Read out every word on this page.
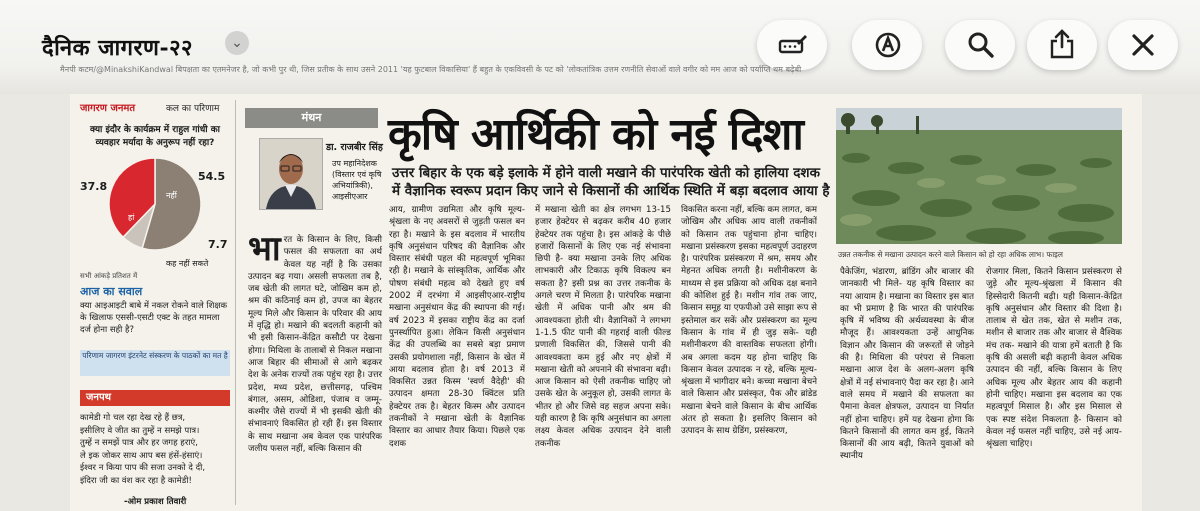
दैनिक जागरण-२२	⌄
मैनपी कटम/@MinakshiKandwal बिपक्षता का एतमनेजर है, जो कभी पुर थी, जिस प्रतीक के साथ उसने 2011 'यह फुटबाल विकासिया' हैं बहुत के एकविवसी के पट को 'लोकतांत्रिक उत्तम रणनीति सेवाओं वाले वगीर को मम आज को पर्याप्ति थम बढ़ेबी
जागरण जनमत	कल का परिणाम
क्या इंदौर के कार्यक्रम में राहुल गांधी का व्यवहार मर्यादा के अनुरूप नहीं रहा?
37.8
54.5
7.7
हां
नहीं
कह नहीं सकते
सभी आंकड़े प्रतिशत में
आज का सवाल
क्या आइआइटी बाबे में नकल रोकने वाले शिक्षक के खिलाफ एससी-एसटी एक्ट के तहत मामला दर्ज होना सही है?
परिणाम जागरण इंटरनेट संस्करण के पाठकों का मत है
जनपथ
कामेडी गो चल रहा देख रहे हैं छत्र,
इसीलिए वे जीत का तुम्हें न समझे पात्र।
तुम्हें न समझें पात्र और हर जगह हराएं,
ले इक जोकर साथ आप बस हंसें-हंसाएं।
ईश्वर न किया पाप की सजा उनको दे दी,
इंदिरा जी का वंश कर रहा है कामेडी!
-ओम प्रकाश तिवारी
मंथन
डा. राजबीर सिंह
उप महानिदेशक (विस्तार एवं कृषि अभियांत्रिकी), आइसीएआर
कृषि आर्थिकी को नई दिशा
उत्तर बिहार के एक बड़े इलाके में होने वाली मखाने की पारंपरिक खेती को हालिया दशक में वैज्ञानिक स्वरूप प्रदान किए जाने से किसानों की आर्थिक स्थिति में बड़ा बदलाव आया है
उन्नत तकनीक से मखाना उत्पादन करने वाले किसान को हो रहा अधिक लाभ। फाइल
भारत के किसान के लिए, किसी फसल की सफलता का अर्थ केवल यह नहीं है कि उसका उत्पादन बढ़ गया। असली सफलता तब है, जब खेती की लागत घटे, जोखिम कम हो, श्रम की कठिनाई कम हो, उपज का बेहतर मूल्य मिले और किसान के परिवार की आय में वृद्धि हो। मखाने की बदलती कहानी को भी इसी किसान-केंद्रित कसौटी पर देखना होगा। मिथिला के तालाबों से निकल मखाना आज बिहार की सीमाओं से आगे बढ़कर देश के अनेक राज्यों तक पहुंच रहा है। उत्तर प्रदेश, मध्य प्रदेश, छत्तीसगढ़, पश्चिम बंगाल, असम, ओडिशा, पंजाब व जम्मू-कश्मीर जैसे राज्यों में भी इसकी खेती की संभावनाएं विकसित हो रही हैं। इस विस्तार के साथ मखाना अब केवल एक पारंपरिक जलीय फसल नहीं, बल्कि किसान की
आय, ग्रामीण उद्यमिता और कृषि मूल्य-श्रृंखला के नए अवसरों से जुड़ती फसल बन रहा है। मखाने के इस बदलाव में भारतीय कृषि अनुसंधान परिषद की वैज्ञानिक और विस्तार संबंधी पहल की महत्वपूर्ण भूमिका रही है। मखाने के सांस्कृतिक, आर्थिक और पोषण संबंधी महत्व को देखते हुए वर्ष 2002 में दरभंगा में आइसीएआर-राष्ट्रीय मखाना अनुसंधान केंद्र की स्थापना की गई। वर्ष 2023 में इसका राष्ट्रीय केंद्र का दर्जा पुनर्स्थापित हुआ। लेकिन किसी अनुसंधान केंद्र की उपलब्धि का सबसे बड़ा प्रमाण उसकी प्रयोगशाला नहीं, किसान के खेत में आया बदलाव होता है। वर्ष 2013 में विकसित उन्नत किस्म 'स्वर्ण वैदेही' की उत्पादन क्षमता 28-30 क्विंटल प्रति हेक्टेयर तक है। बेहतर किस्म और उत्पादन तकनीकों ने मखाना खेती के वैज्ञानिक विस्तार का आधार तैयार किया। पिछले एक दशक
में मखाना खेती का क्षेत्र लगभग 13-15 हजार हेक्टेयर से बढ़कर करीब 40 हजार हेक्टेयर तक पहुंचा है। इस आंकड़े के पीछे हजारों किसानों के लिए एक नई संभावना छिपी है- क्या मखाना उनके लिए अधिक लाभकारी और टिकाऊ कृषि विकल्प बन सकता है? इसी प्रश्न का उत्तर तकनीक के अगले चरण में मिलता है। पारंपरिक मखाना खेती में अधिक पानी और श्रम की आवश्यकता होती थी। वैज्ञानिकों ने लगभग 1-1.5 फीट पानी की गहराई वाली फील्ड प्रणाली विकसित की, जिससे पानी की आवश्यकता कम हुई और नए क्षेत्रों में मखाना खेती को अपनाने की संभावना बढ़ी। आज किसान को ऐसी तकनीक चाहिए जो उसके खेत के अनुकूल हो, उसकी लागत के भीतर हो और जिसे वह सहज अपना सके। यही कारण है कि कृषि अनुसंधान का अगला लक्ष्य केवल अधिक उत्पादन देने वाली तकनीक
विकसित करना नहीं, बल्कि कम लागत, कम जोखिम और अधिक आय वाली तकनीकों को किसान तक पहुंचाना होना चाहिए। मखाना प्रसंस्करण इसका महत्वपूर्ण उदाहरण है। पारंपरिक प्रसंस्करण में श्रम, समय और मेहनत अधिक लगती है। मशीनीकरण के माध्यम से इस प्रक्रिया को अधिक दक्ष बनाने की कोशिश हुई है। मशीन गांव तक जाए, किसान समूह या एफपीओ उसे साझा रूप से इस्तेमाल कर सकें और प्रसंस्करण का मूल्य किसान के गांव में ही जुड़ सके- यही मशीनीकरण की वास्तविक सफलता होगी। अब अगला कदम यह होना चाहिए कि किसान केवल उत्पादक न रहे, बल्कि मूल्य-श्रृंखला में भागीदार बने। कच्चा मखाना बेचने वाले किसान और प्रसंस्कृत, पैक और ब्रांडेड मखाना बेचने वाले किसान के बीच आर्थिक अंतर हो सकता है। इसलिए किसान को उत्पादन के साथ ग्रेडिंग, प्रसंस्करण,
पैकेजिंग, भंडारण, ब्रांडिंग और बाजार की जानकारी भी मिले- यह कृषि विस्तार का नया आयाम है। मखाना का विस्तार इस बात का भी प्रमाण है कि भारत की पारंपरिक कृषि में भविष्य की अर्थव्यवस्था के बीज मौजूद हैं। आवश्यकता उन्हें आधुनिक विज्ञान और किसान की जरूरतों से जोड़ने की है। मिथिला की परंपरा से निकला मखाना आज देश के अलग-अलग कृषि क्षेत्रों में नई संभावनाएं पैदा कर रहा है। आने वाले समय में मखाने की सफलता का पैमाना केवल क्षेत्रफल, उत्पादन या निर्यात नहीं होना चाहिए। हमें यह देखना होगा कि कितने किसानों की लागत कम हुई, कितने किसानों की आय बढ़ी, कितने युवाओं को स्थानीय
रोजगार मिला, कितने किसान प्रसंस्करण से जुड़े और मूल्य-श्रृंखला में किसान की हिस्सेदारी कितनी बढ़ी। यही किसान-केंद्रित कृषि अनुसंधान और विस्तार की दिशा है। तालाब से खेत तक, खेत से मशीन तक, मशीन से बाजार तक और बाजार से वैश्विक मंच तक- मखाने की यात्रा हमें बताती है कि कृषि की असली बढ़ी कहानी केवल अधिक उत्पादन की नहीं, बल्कि किसान के लिए अधिक मूल्य और बेहतर आय की कहानी होनी चाहिए। मखाना इस बदलाव का एक महत्वपूर्ण मिसाल है। और इस मिसाल से एक स्पष्ट संदेश निकलता है- किसान को केवल नई फसल नहीं चाहिए, उसे नई आय-श्रृंखला चाहिए।
